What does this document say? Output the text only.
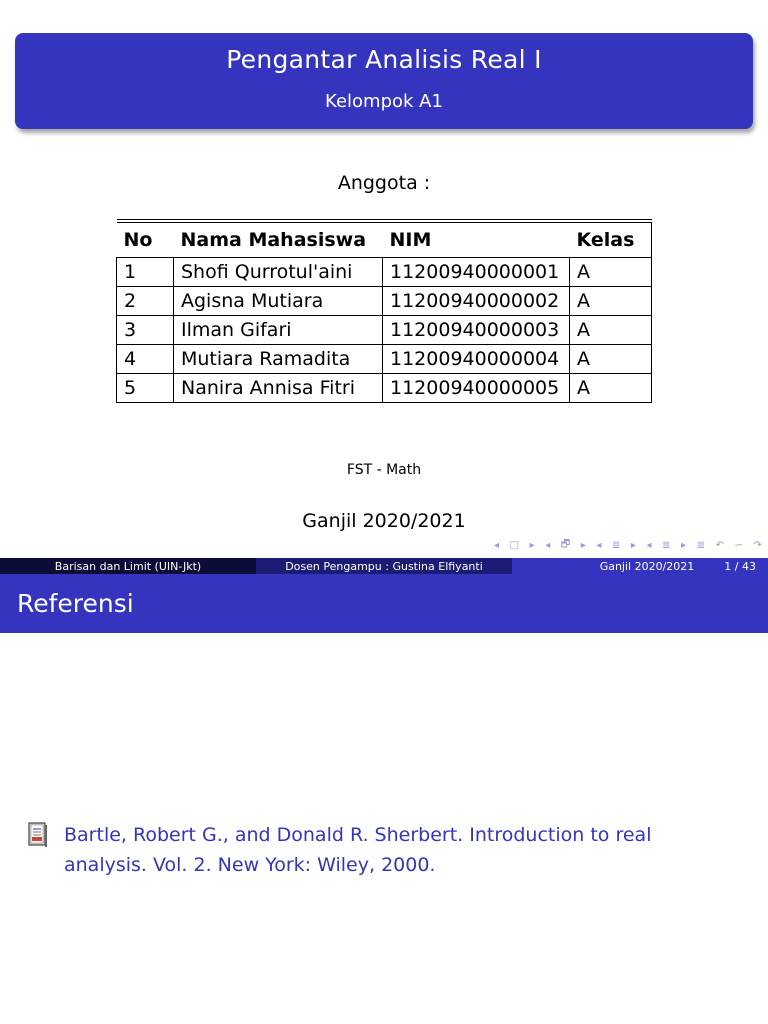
Pengantar Analisis Real I
Kelompok A1
Anggota :
No	Nama Mahasiswa	NIM	Kelas
1	Shofi Qurrotul'aini	11200940000001	A
2	Agisna Mutiara	11200940000002	A
3	Ilman Gifari	11200940000003	A
4	Mutiara Ramadita	11200940000004	A
5	Nanira Annisa Fitri	11200940000005	A
FST - Math
Ganjil 2020/2021
◂ □ ▸ ◂ 🗗 ▸ ◂ ≣ ▸ ◂ ≣ ▸ ≣ ↶ ∽ ↷
Barisan dan Limit (UIN-Jkt)	Dosen Pengampu : Gustina Elfiyanti	Ganjil 2020/2021	1 / 43
Referensi
Bartle, Robert G., and Donald R. Sherbert. Introduction to real
analysis. Vol. 2. New York: Wiley, 2000.
